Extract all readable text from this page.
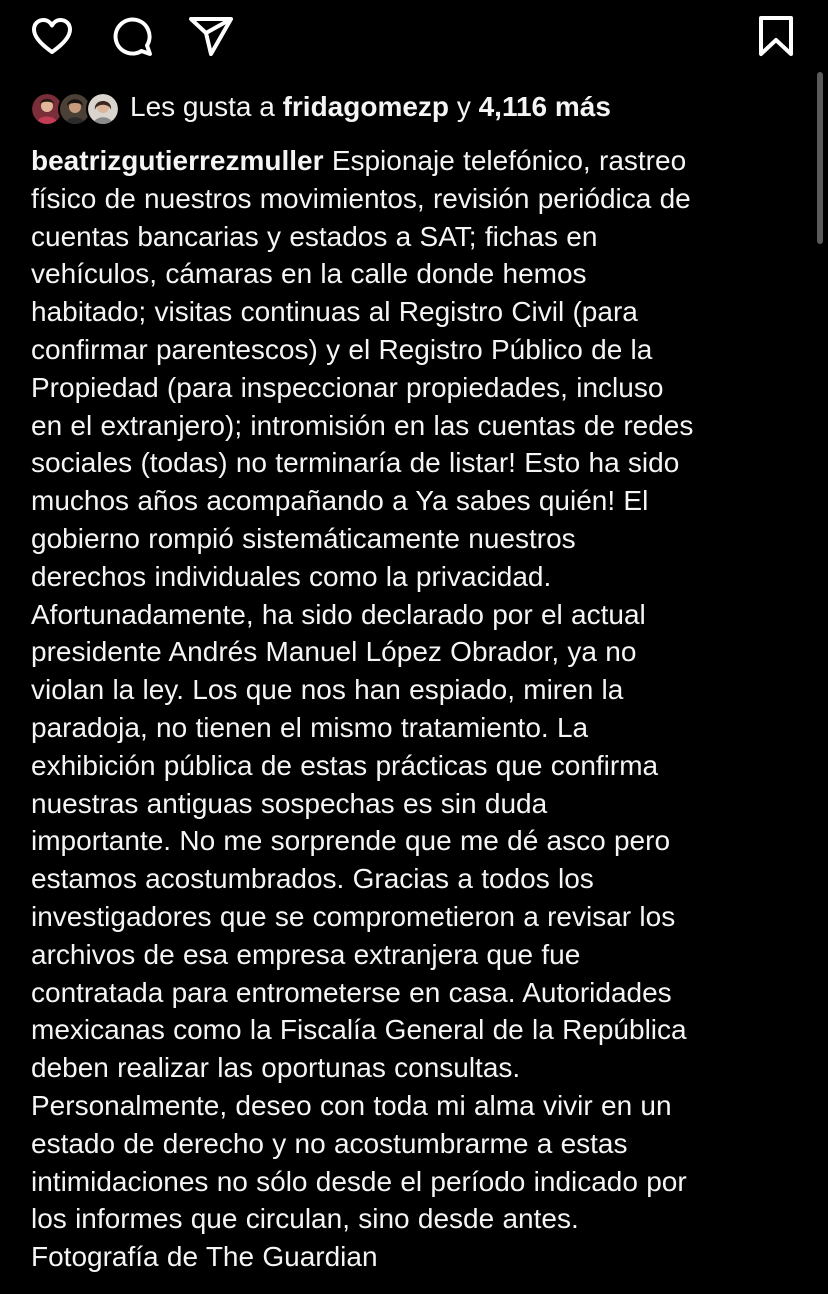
Les gusta a fridagomezp y 4,116 más
beatrizgutierrezmuller Espionaje telefónico, rastreo
físico de nuestros movimientos, revisión periódica de
cuentas bancarias y estados a SAT; fichas en
vehículos, cámaras en la calle donde hemos
habitado; visitas continuas al Registro Civil (para
confirmar parentescos) y el Registro Público de la
Propiedad (para inspeccionar propiedades, incluso
en el extranjero); intromisión en las cuentas de redes
sociales (todas) no terminaría de listar! Esto ha sido
muchos años acompañando a Ya sabes quién! El
gobierno rompió sistemáticamente nuestros
derechos individuales como la privacidad.
Afortunadamente, ha sido declarado por el actual
presidente Andrés Manuel López Obrador, ya no
violan la ley. Los que nos han espiado, miren la
paradoja, no tienen el mismo tratamiento. La
exhibición pública de estas prácticas que confirma
nuestras antiguas sospechas es sin duda
importante. No me sorprende que me dé asco pero
estamos acostumbrados. Gracias a todos los
investigadores que se comprometieron a revisar los
archivos de esa empresa extranjera que fue
contratada para entrometerse en casa. Autoridades
mexicanas como la Fiscalía General de la República
deben realizar las oportunas consultas.
Personalmente, deseo con toda mi alma vivir en un
estado de derecho y no acostumbrarme a estas
intimidaciones no sólo desde el período indicado por
los informes que circulan, sino desde antes.
Fotografía de The Guardian
